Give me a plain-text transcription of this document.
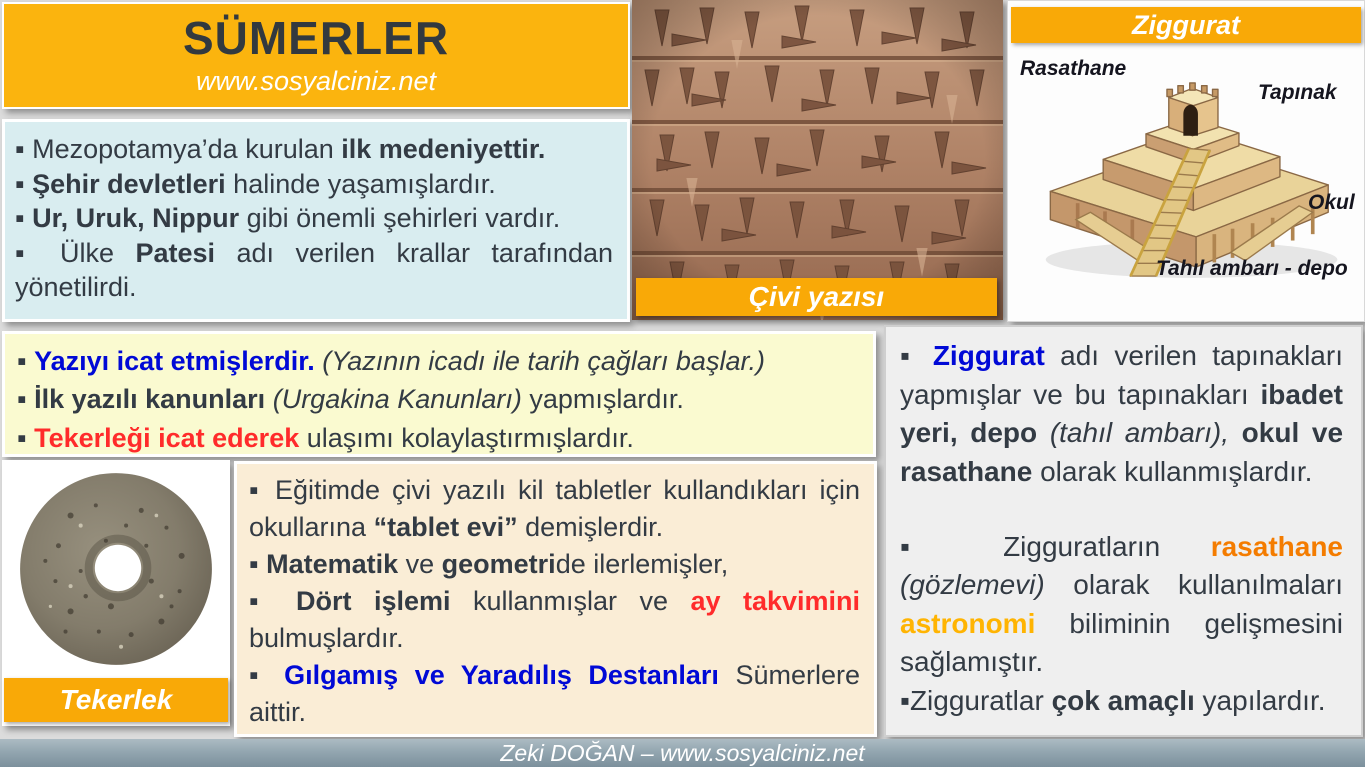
SÜMERLER
www.sosyalciniz.net

▪ Mezopotamya’da kurulan ilk medeniyettir.

▪ Şehir devletleri halinde yaşamışlardır.

▪ Ur, Uruk, Nippur gibi önemli şehirleri vardır.

▪ Ülke Patesi adı verilen krallar tarafından yönetilirdi.	Çivi yazısı
Ziggurat
Rasathane
Tapınak
Okul
Tahıl ambarı - depo

▪ Yazıyı icat etmişlerdir. (Yazının icadı ile tarih çağları başlar.)

▪ İlk yazılı kanunları (Urgakina Kanunları) yapmışlardır.

▪ Tekerleği icat ederek ulaşımı kolaylaştırmışlardır.

Tekerlek

▪ Eğitimde çivi yazılı kil tabletler kullandıkları için okullarına “tablet evi” demişlerdir.

▪ Matematik ve geometride ilerlemişler,

▪ Dört işlemi kullanmışlar ve ay takvimini bulmuşlardır.

▪ Gılgamış ve Yaradılış Destanları Sümerlere aittir.

▪ Ziggurat adı verilen tapınakları yapmışlar ve bu tapınakları ibadet yeri, depo (tahıl ambarı), okul ve rasathane olarak kullanmışlardır.

▪ Zigguratların rasathane (gözlemevi) olarak kullanılmaları astronomi biliminin gelişmesini sağlamıştır.

▪Zigguratlar çok amaçlı yapılardır.

Zeki DOĞAN – www.sosyalciniz.net
